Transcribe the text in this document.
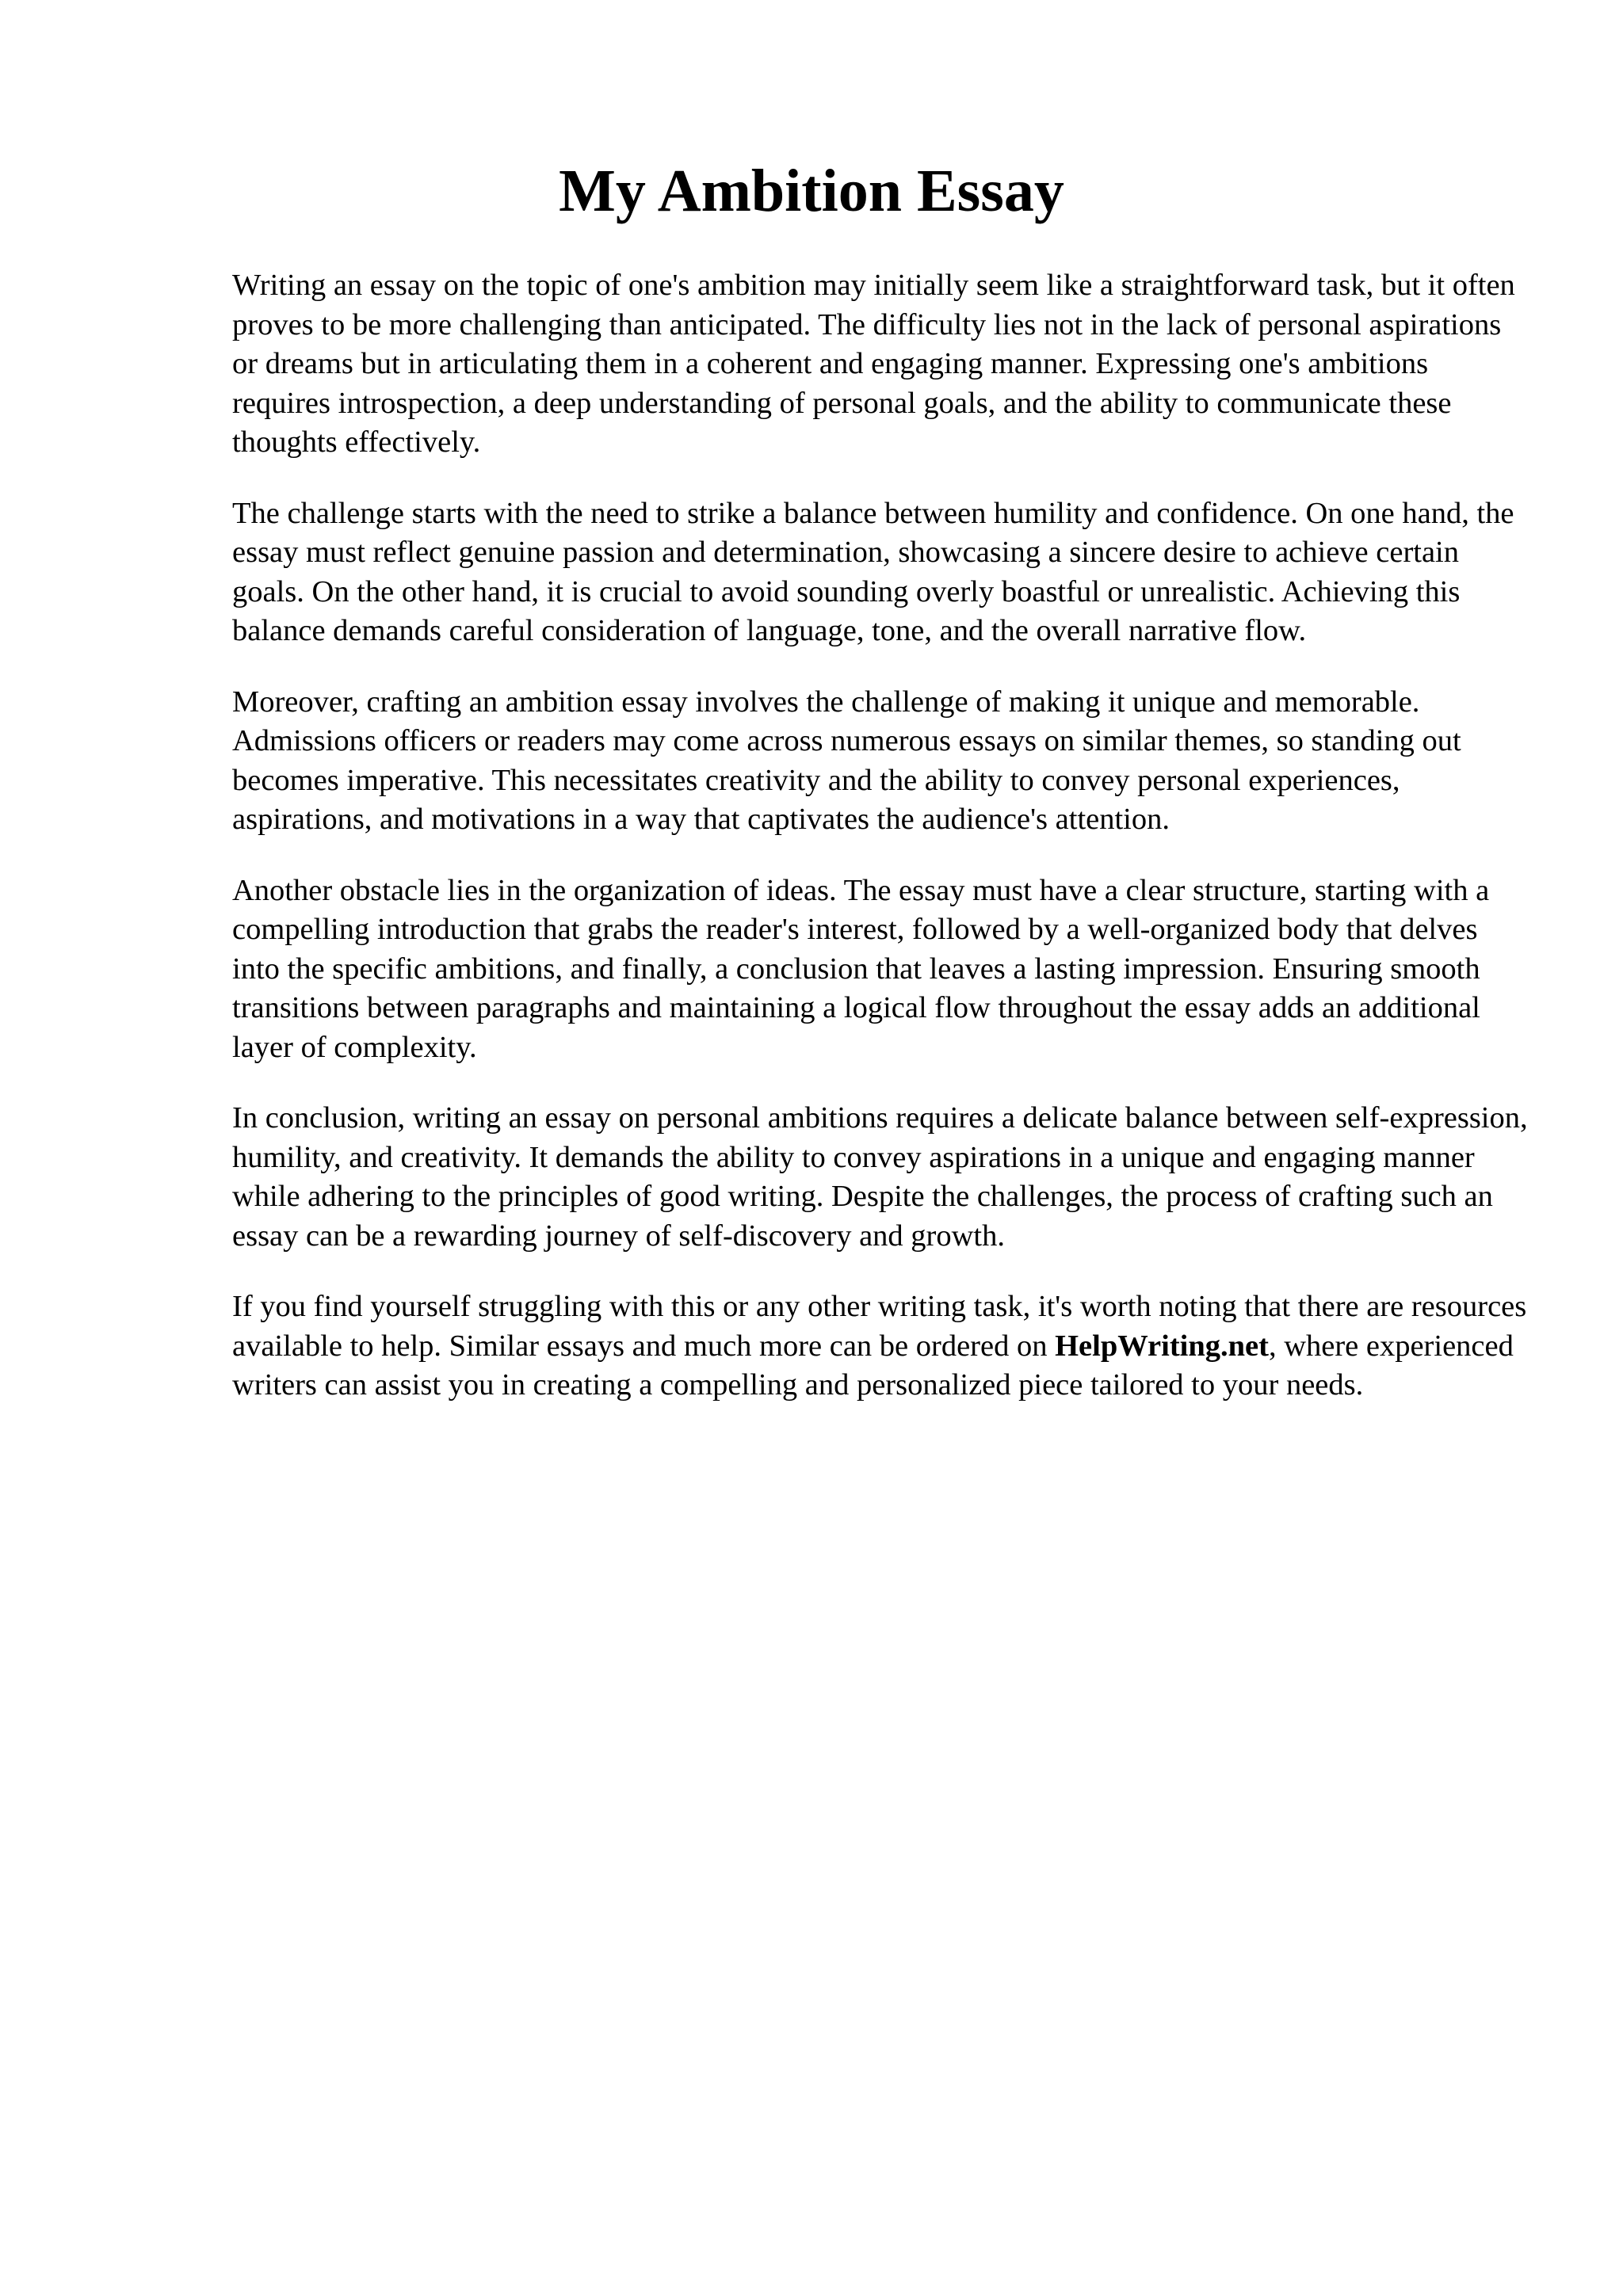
My Ambition Essay

Writing an essay on the topic of one's ambition may initially seem like a straightforward task, but it often proves to be more challenging than anticipated. The difficulty lies not in the lack of personal aspirations or dreams but in articulating them in a coherent and engaging manner. Expressing one's ambitions requires introspection, a deep understanding of personal goals, and the ability to communicate these thoughts effectively.

The challenge starts with the need to strike a balance between humility and confidence. On one hand, the essay must reflect genuine passion and determination, showcasing a sincere desire to achieve certain goals. On the other hand, it is crucial to avoid sounding overly boastful or unrealistic. Achieving this balance demands careful consideration of language, tone, and the overall narrative flow.

Moreover, crafting an ambition essay involves the challenge of making it unique and memorable. Admissions officers or readers may come across numerous essays on similar themes, so standing out becomes imperative. This necessitates creativity and the ability to convey personal experiences, aspirations, and motivations in a way that captivates the audience's attention.

Another obstacle lies in the organization of ideas. The essay must have a clear structure, starting with a compelling introduction that grabs the reader's interest, followed by a well-organized body that delves into the specific ambitions, and finally, a conclusion that leaves a lasting impression. Ensuring smooth transitions between paragraphs and maintaining a logical flow throughout the essay adds an additional layer of complexity.

In conclusion, writing an essay on personal ambitions requires a delicate balance between self-expression, humility, and creativity. It demands the ability to convey aspirations in a unique and engaging manner while adhering to the principles of good writing. Despite the challenges, the process of crafting such an essay can be a rewarding journey of self-discovery and growth.

If you find yourself struggling with this or any other writing task, it's worth noting that there are resources available to help. Similar essays and much more can be ordered on HelpWriting.net, where experienced writers can assist you in creating a compelling and personalized piece tailored to your needs.
